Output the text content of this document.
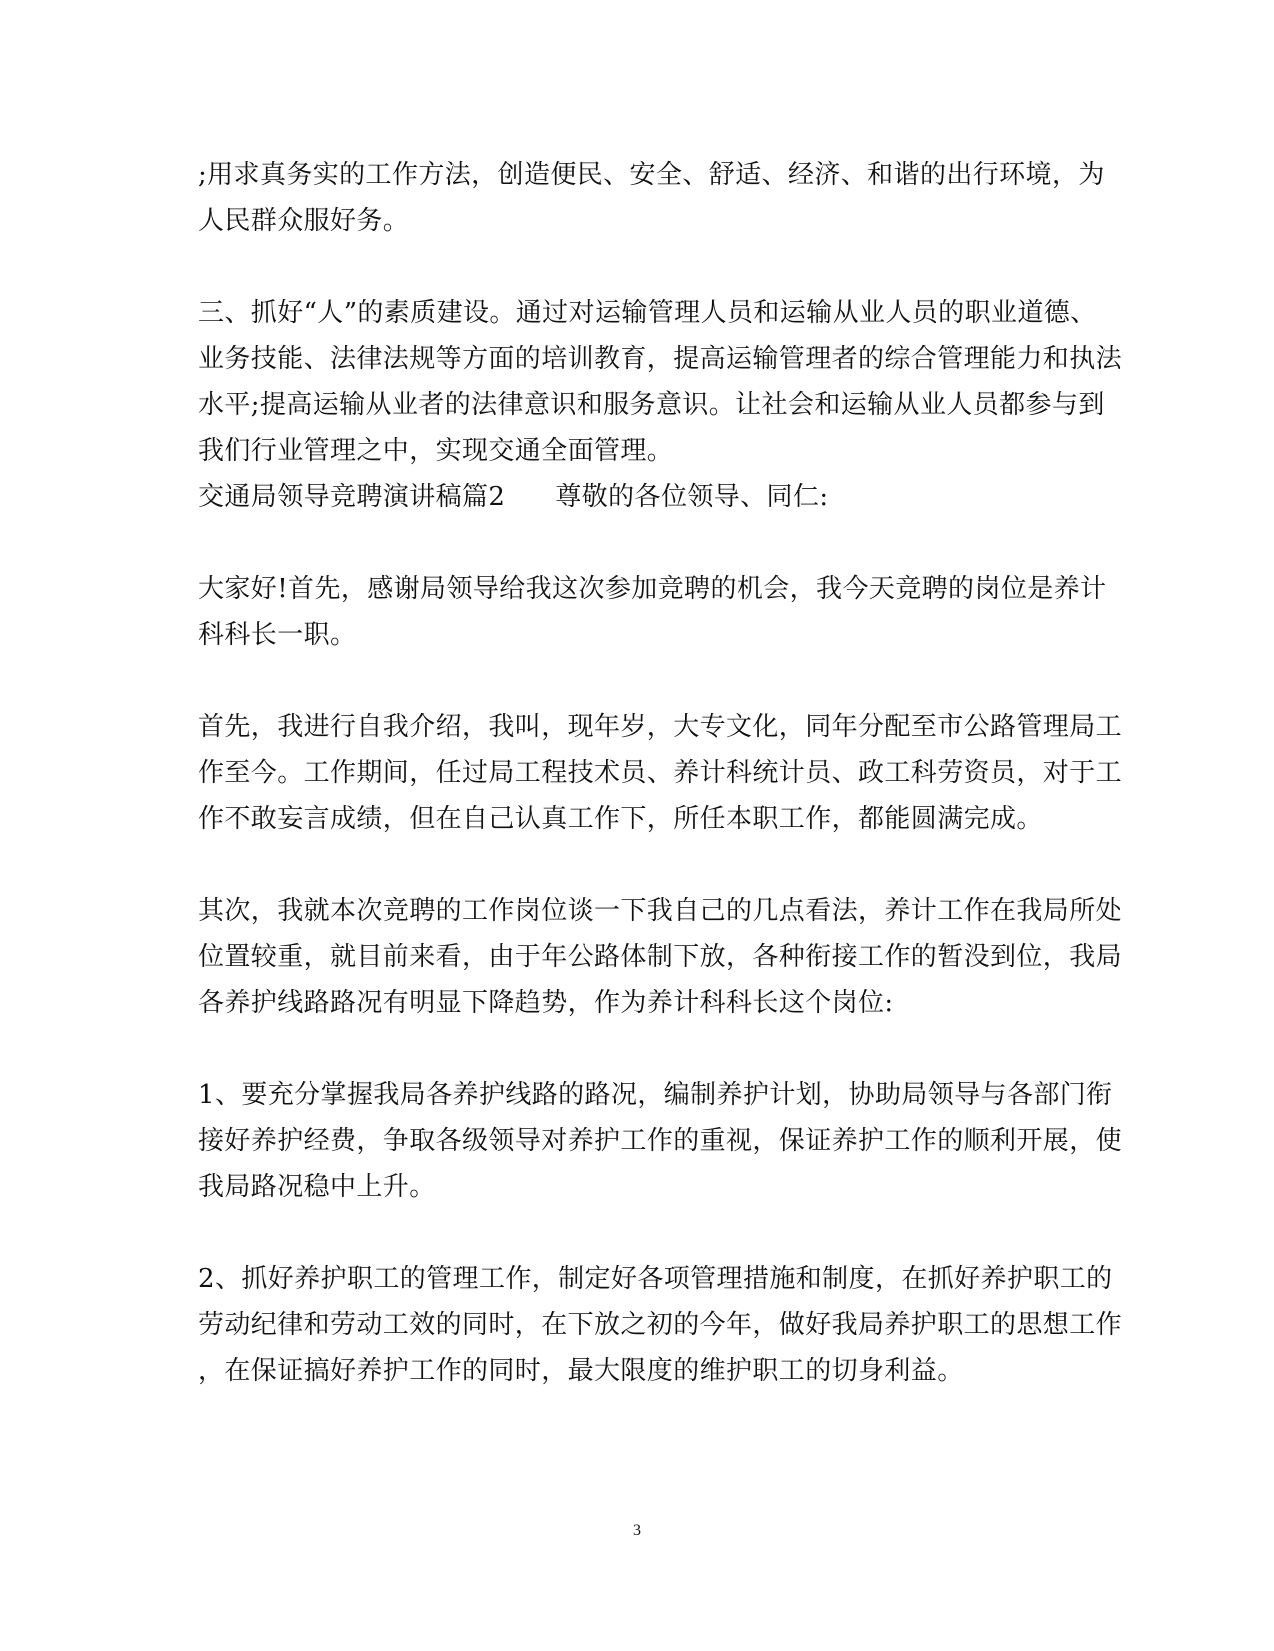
;用求真务实的工作方法，创造便民、安全、舒适、经济、和谐的出行环境，为
人民群众服好务。
三、抓好“人”的素质建设。通过对运输管理人员和运输从业人员的职业道德、
业务技能、法律法规等方面的培训教育，提高运输管理者的综合管理能力和执法
水平;提高运输从业者的法律意识和服务意识。让社会和运输从业人员都参与到
我们行业管理之中，实现交通全面管理。
交通局领导竞聘演讲稿篇2 尊敬的各位领导、同仁:
大家好!首先，感谢局领导给我这次参加竞聘的机会，我今天竞聘的岗位是养计
科科长一职。
首先，我进行自我介绍，我叫，现年岁，大专文化，同年分配至市公路管理局工
作至今。工作期间，任过局工程技术员、养计科统计员、政工科劳资员，对于工
作不敢妄言成绩，但在自己认真工作下，所任本职工作，都能圆满完成。
其次，我就本次竞聘的工作岗位谈一下我自己的几点看法，养计工作在我局所处
位置较重，就目前来看，由于年公路体制下放，各种衔接工作的暂没到位，我局
各养护线路路况有明显下降趋势，作为养计科科长这个岗位:
1、要充分掌握我局各养护线路的路况，编制养护计划，协助局领导与各部门衔
接好养护经费，争取各级领导对养护工作的重视，保证养护工作的顺利开展，使
我局路况稳中上升。
2、抓好养护职工的管理工作，制定好各项管理措施和制度，在抓好养护职工的
劳动纪律和劳动工效的同时，在下放之初的今年，做好我局养护职工的思想工作
，在保证搞好养护工作的同时，最大限度的维护职工的切身利益。
3
